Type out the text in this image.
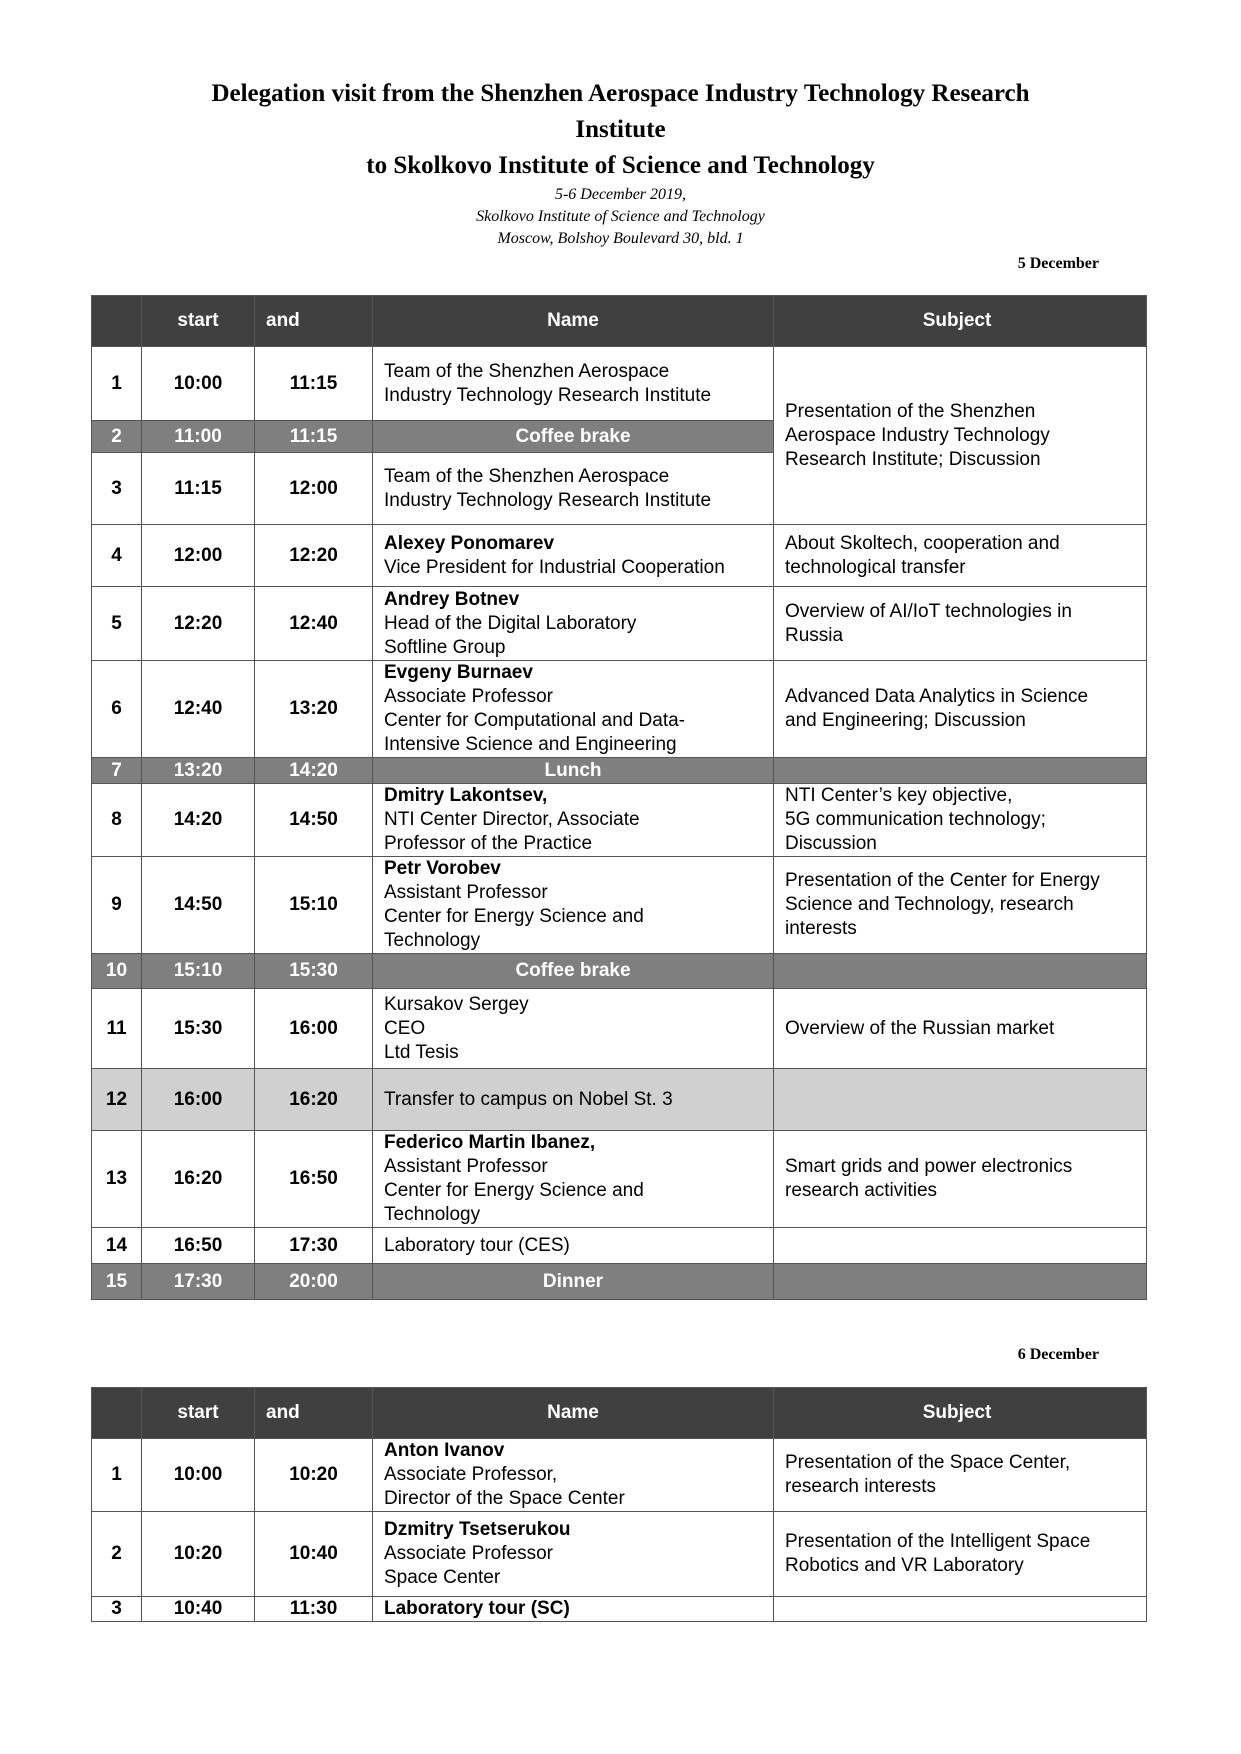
Delegation visit from the Shenzhen Aerospace Industry Technology Research
Institute
to Skolkovo Institute of Science and Technology
5-6 December 2019,
Skolkovo Institute of Science and Technology
Moscow, Bolshoy Boulevard 30, bld. 1
5 December
	start	and	Name	Subject
1	10:00	11:15	Team of the Shenzhen Aerospace
Industry Technology Research Institute	Presentation of the Shenzhen
Aerospace Industry Technology
Research Institute; Discussion

2	11:00	11:15	Coffee brake	
3	11:15	12:00	Team of the Shenzhen Aerospace
Industry Technology Research Institute	

4	12:00	12:20	Alexey Ponomarev
Vice President for Industrial Cooperation	About Skoltech, cooperation and
technological transfer

5	12:20	12:40	Andrey Botnev
Head of the Digital Laboratory
Softline Group	Overview of AI/IoT technologies in
Russia

6	12:40	13:20	Evgeny Burnaev
Associate Professor
Center for Computational and Data-
Intensive Science and Engineering	Advanced Data Analytics in Science
and Engineering; Discussion

7	13:20	14:20	Lunch	
8	14:20	14:50	Dmitry Lakontsev,
NTI Center Director, Associate
Professor of the Practice	NTI Center’s key objective,
5G communication technology;
Discussion

9	14:50	15:10	Petr Vorobev
Assistant Professor
Center for Energy Science and
Technology	Presentation of the Center for Energy
Science and Technology, research
interests

10	15:10	15:30	Coffee brake	
11	15:30	16:00	Kursakov Sergey
CEO
Ltd Tesis	Overview of the Russian market

12	16:00	16:20	Transfer to campus on Nobel St. 3	

13	16:20	16:50	Federico Martin Ibanez,
Assistant Professor
Center for Energy Science and
Technology	Smart grids and power electronics
research activities

14	16:50	17:30	Laboratory tour (CES)	

15	17:30	20:00	Dinner	
6 December
	start	and	Name	Subject
1	10:00	10:20	Anton Ivanov
Associate Professor,
Director of the Space Center	Presentation of the Space Center,
research interests

2	10:20	10:40	Dzmitry Tsetserukou
Associate Professor
Space Center	Presentation of the Intelligent Space
Robotics and VR Laboratory

3	10:40	11:30	Laboratory tour (SC)	
